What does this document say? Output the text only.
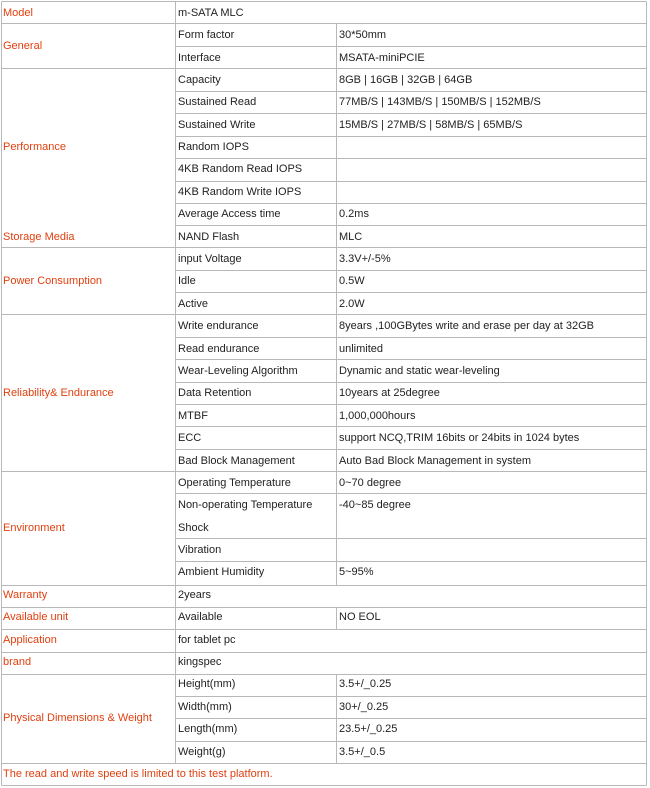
Model	m-SATA MLC
General
Form factor	30*50mm
Interface	MSATA-miniPCIE
Performance
Capacity	8GB | 16GB | 32GB | 64GB
Sustained Read	77MB/S | 143MB/S | 150MB/S | 152MB/S
Sustained Write	15MB/S | 27MB/S | 58MB/S | 65MB/S
Random IOPS
4KB Random Read IOPS
4KB Random Write IOPS
Average Access time	0.2ms
Storage Media	NAND Flash	MLC
Power Consumption
input Voltage	3.3V+/-5%
Idle	0.5W
Active	2.0W
Reliability& Endurance
Write endurance	8years ,100GBytes write and erase per day at 32GB
Read endurance	unlimited
Wear-Leveling Algorithm	Dynamic and static wear-leveling
Data Retention	10years at 25degree
MTBF	1,000,000hours
ECC	support NCQ,TRIM 16bits or 24bits in 1024 bytes
Bad Block Management	Auto Bad Block Management in system
Environment
Operating Temperature	0~70 degree
Non-operating Temperature -40~85 degree
Shock
Vibration
Ambient Humidity	5~95%
Warranty	2years
Available unit	Available	NO EOL
Application	for tablet pc
brand	kingspec
Physical Dimensions & Weight
Height(mm)	3.5+/_0.25
Width(mm)	30+/_0.25
Length(mm)	23.5+/_0.25
Weight(g)	3.5+/_0.5
The read and write speed is limited to this test platform.
